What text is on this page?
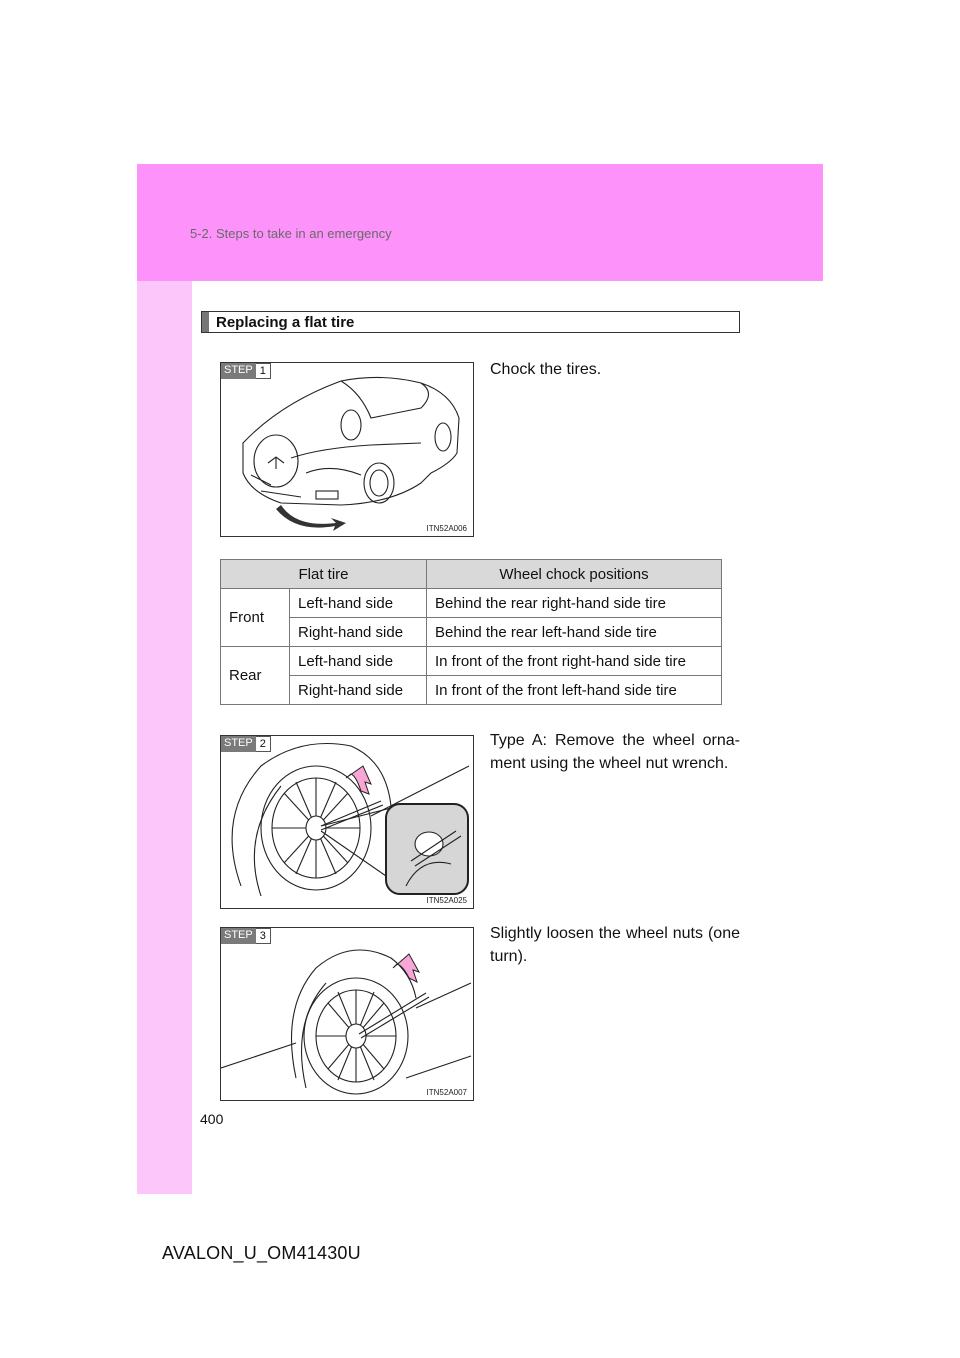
5-2. Steps to take in an emergency
Replacing a flat tire
STEP 1
ITN52A006

Chock the tires.

Flat tire		Wheel chock positions
Front	Left-hand side	Behind the rear right-hand side tire
	Right-hand side	Behind the rear left-hand side tire
Rear	Left-hand side	In front of the front right-hand side tire
	Right-hand side	In front of the front left-hand side tire
STEP 2
ITN52A025

Type A: Remove the wheel orna-ment using the wheel nut wrench.

STEP 3
ITN52A007

Slightly loosen the wheel nuts (one turn).

400
AVALON_U_OM41430U
